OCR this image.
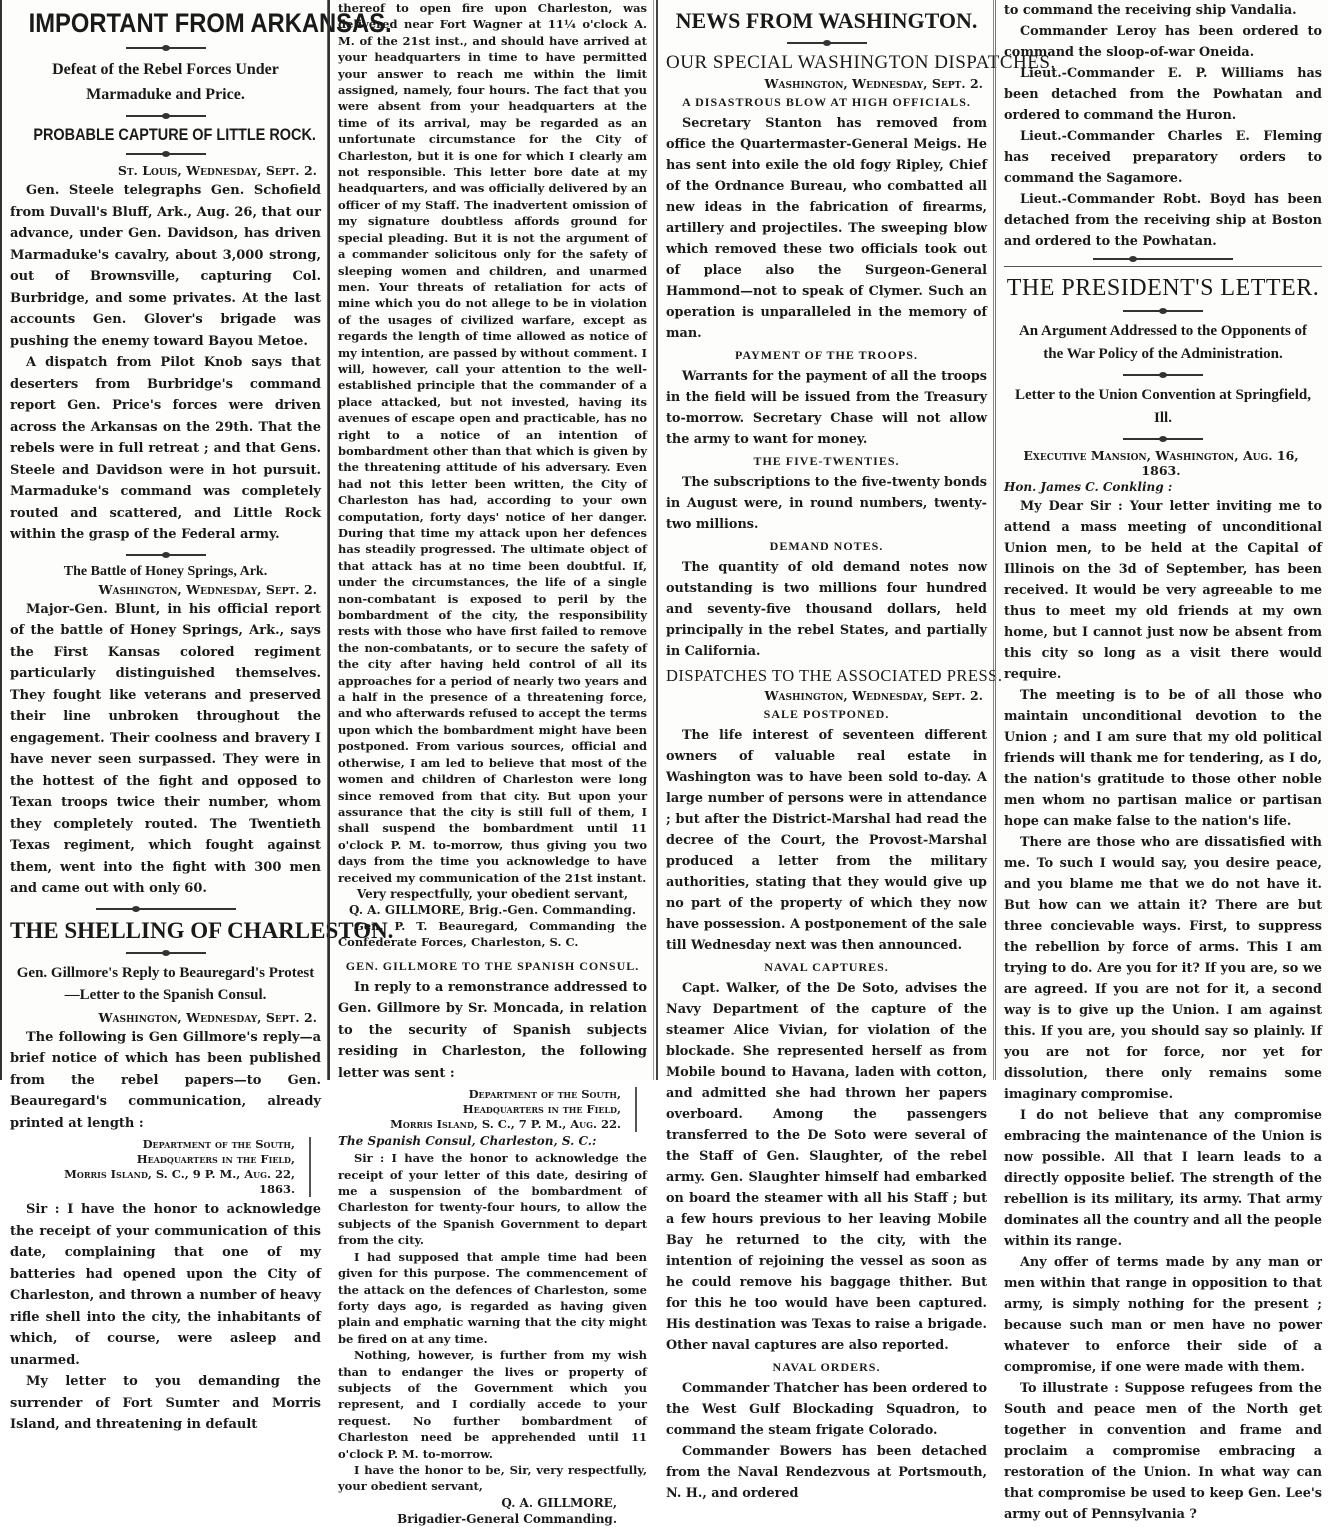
IMPORTANT FROM ARKANSAS.
Defeat of the Rebel Forces Under Marmaduke and Price.
PROBABLE CAPTURE OF LITTLE ROCK.
St. Louis, Wednesday, Sept. 2.

Gen. Steele telegraphs Gen. Schofield from Duvall's Bluff, Ark., Aug. 26, that our advance, under Gen. Davidson, has driven Marmaduke's cavalry, about 3,000 strong, out of Brownsville, capturing Col. Burbridge, and some privates. At the last accounts Gen. Glover's brigade was pushing the enemy toward Bayou Metoe.

A dispatch from Pilot Knob says that deserters from Burbridge's command report Gen. Price's forces were driven across the Arkansas on the 29th. That the rebels were in full retreat ; and that Gens. Steele and Davidson were in hot pursuit. Marmaduke's command was completely routed and scattered, and Little Rock within the grasp of the Federal army.

The Battle of Honey Springs, Ark.
Washington, Wednesday, Sept. 2.

Major-Gen. Blunt, in his official report of the battle of Honey Springs, Ark., says the First Kansas colored regiment particularly distinguished themselves. They fought like veterans and preserved their line unbroken throughout the engagement. Their coolness and bravery I have never seen surpassed. They were in the hottest of the fight and opposed to Texan troops twice their number, whom they completely routed. The Twentieth Texas regiment, which fought against them, went into the fight with 300 men and came out with only 60.

THE SHELLING OF CHARLESTON.
Gen. Gillmore's Reply to Beauregard's Protest—Letter to the Spanish Consul.
Washington, Wednesday, Sept. 2.

The following is Gen Gillmore's reply—a brief notice of which has been published from the rebel papers—to Gen. Beauregard's communication, already printed at length :

Department of the South,
Headquarters in the Field,
Morris Island, S. C., 9 P. M., Aug. 22, 1863.

Sir : I have the honor to acknowledge the receipt of your communication of this date, complaining that one of my batteries had opened upon the City of Charleston, and thrown a number of heavy rifle shell into the city, the inhabitants of which, of course, were asleep and unarmed.

My letter to you demanding the surrender of Fort Sumter and Morris Island, and threatening in default

thereof to open fire upon Charleston, was delivered near Fort Wagner at 11¼ o'clock A. M. of the 21st inst., and should have arrived at your headquarters in time to have permitted your answer to reach me within the limit assigned, namely, four hours. The fact that you were absent from your headquarters at the time of its arrival, may be regarded as an unfortunate circumstance for the City of Charleston, but it is one for which I clearly am not responsible. This letter bore date at my headquarters, and was officially delivered by an officer of my Staff. The inadvertent omission of my signature doubtless affords ground for special pleading. But it is not the argument of a commander solicitous only for the safety of sleeping women and children, and unarmed men. Your threats of retaliation for acts of mine which you do not allege to be in violation of the usages of civilized warfare, except as regards the length of time allowed as notice of my intention, are passed by without comment. I will, however, call your attention to the well-established principle that the commander of a place attacked, but not invested, having its avenues of escape open and practicable, has no right to a notice of an intention of bombardment other than that which is given by the threatening attitude of his adversary. Even had not this letter been written, the City of Charleston has had, according to your own computation, forty days' notice of her danger. During that time my attack upon her defences has steadily progressed. The ultimate object of that attack has at no time been doubtful. If, under the circumstances, the life of a single non-combatant is exposed to peril by the bombardment of the city, the responsibility rests with those who have first failed to remove the non-combatants, or to secure the safety of the city after having held control of all its approaches for a period of nearly two years and a half in the presence of a threatening force, and who afterwards refused to accept the terms upon which the bombardment might have been postponed. From various sources, official and otherwise, I am led to believe that most of the women and children of Charleston were long since removed from that city. But upon your assurance that the city is still full of them, I shall suspend the bombardment until 11 o'clock P. M. to-morrow, thus giving you two days from the time you acknowledge to have received my communication of the 21st instant.

Very respectfully, your obedient servant,
Q. A. GILLMORE, Brig.-Gen. Commanding.

Gen. P. T. Beauregard, Commanding the Confederate Forces, Charleston, S. C.

GEN. GILLMORE TO THE SPANISH CONSUL.

In reply to a remonstrance addressed to Gen. Gillmore by Sr. Moncada, in relation to the security of Spanish subjects residing in Charleston, the following letter was sent :

Department of the South,
Headquarters in the Field,
Morris Island, S. C., 7 P. M., Aug. 22.
The Spanish Consul, Charleston, S. C.:

Sir : I have the honor to acknowledge the receipt of your letter of this date, desiring of me a suspension of the bombardment of Charleston for twenty-four hours, to allow the subjects of the Spanish Government to depart from the city.

I had supposed that ample time had been given for this purpose. The commencement of the attack on the defences of Charleston, some forty days ago, is regarded as having given plain and emphatic warning that the city might be fired on at any time.

Nothing, however, is further from my wish than to endanger the lives or property of subjects of the Government which you represent, and I cordially accede to your request. No further bombardment of Charleston need be apprehended until 11 o'clock P. M. to-morrow.

I have the honor to be, Sir, very respectfully, your obedient servant,

Q. A. GILLMORE,
Brigadier-General Commanding.
NEWS FROM WASHINGTON.
OUR SPECIAL WASHINGTON DISPATCHES.
Washington, Wednesday, Sept. 2.
A DISASTROUS BLOW AT HIGH OFFICIALS.

Secretary Stanton has removed from office the Quartermaster-General Meigs. He has sent into exile the old fogy Ripley, Chief of the Ordnance Bureau, who combatted all new ideas in the fabrication of firearms, artillery and projectiles. The sweeping blow which removed these two officials took out of place also the Surgeon-General Hammond—not to speak of Clymer. Such an operation is unparalleled in the memory of man.

PAYMENT OF THE TROOPS.

Warrants for the payment of all the troops in the field will be issued from the Treasury to-morrow. Secretary Chase will not allow the army to want for money.

THE FIVE-TWENTIES.

The subscriptions to the five-twenty bonds in August were, in round numbers, twenty-two millions.

DEMAND NOTES.

The quantity of old demand notes now outstanding is two millions four hundred and seventy-five thousand dollars, held principally in the rebel States, and partially in California.

DISPATCHES TO THE ASSOCIATED PRESS.
Washington, Wednesday, Sept. 2.
SALE POSTPONED.

The life interest of seventeen different owners of valuable real estate in Washington was to have been sold to-day. A large number of persons were in attendance ; but after the District-Marshal had read the decree of the Court, the Provost-Marshal produced a letter from the military authorities, stating that they would give up no part of the property of which they now have possession. A postponement of the sale till Wednesday next was then announced.

NAVAL CAPTURES.

Capt. Walker, of the De Soto, advises the Navy Department of the capture of the steamer Alice Vivian, for violation of the blockade. She represented herself as from Mobile bound to Havana, laden with cotton, and admitted she had thrown her papers overboard. Among the passengers transferred to the De Soto were several of the Staff of Gen. Slaughter, of the rebel army. Gen. Slaughter himself had embarked on board the steamer with all his Staff ; but a few hours previous to her leaving Mobile Bay he returned to the city, with the intention of rejoining the vessel as soon as he could remove his baggage thither. But for this he too would have been captured. His destination was Texas to raise a brigade. Other naval captures are also reported.

NAVAL ORDERS.

Commander Thatcher has been ordered to the West Gulf Blockading Squadron, to command the steam frigate Colorado.

Commander Bowers has been detached from the Naval Rendezvous at Portsmouth, N. H., and ordered

to command the receiving ship Vandalia.

Commander Leroy has been ordered to command the sloop-of-war Oneida.

Lieut.-Commander E. P. Williams has been detached from the Powhatan and ordered to command the Huron.

Lieut.-Commander Charles E. Fleming has received preparatory orders to command the Sagamore.

Lieut.-Commander Robt. Boyd has been detached from the receiving ship at Boston and ordered to the Powhatan.

THE PRESIDENT'S LETTER.
An Argument Addressed to the Opponents of the War Policy of the Administration.
Letter to the Union Convention at Springfield, Ill.
Executive Mansion, Washington, Aug. 16, 1863.
Hon. James C. Conkling :

My Dear Sir : Your letter inviting me to attend a mass meeting of unconditional Union men, to be held at the Capital of Illinois on the 3d of September, has been received. It would be very agreeable to me thus to meet my old friends at my own home, but I cannot just now be absent from this city so long as a visit there would require.

The meeting is to be of all those who maintain unconditional devotion to the Union ; and I am sure that my old political friends will thank me for tendering, as I do, the nation's gratitude to those other noble men whom no partisan malice or partisan hope can make false to the nation's life.

There are those who are dissatisfied with me. To such I would say, you desire peace, and you blame me that we do not have it. But how can we attain it? There are but three concievable ways. First, to suppress the rebellion by force of arms. This I am trying to do. Are you for it? If you are, so we are agreed. If you are not for it, a second way is to give up the Union. I am against this. If you are, you should say so plainly. If you are not for force, nor yet for dissolution, there only remains some imaginary compromise.

I do not believe that any compromise embracing the maintenance of the Union is now possible. All that I learn leads to a directly opposite belief. The strength of the rebellion is its military, its army. That army dominates all the country and all the people within its range.

Any offer of terms made by any man or men within that range in opposition to that army, is simply nothing for the present ; because such man or men have no power whatever to enforce their side of a compromise, if one were made with them.

To illustrate : Suppose refugees from the South and peace men of the North get together in convention and frame and proclaim a compromise embracing a restoration of the Union. In what way can that compromise be used to keep Gen. Lee's army out of Pennsylvania ?
